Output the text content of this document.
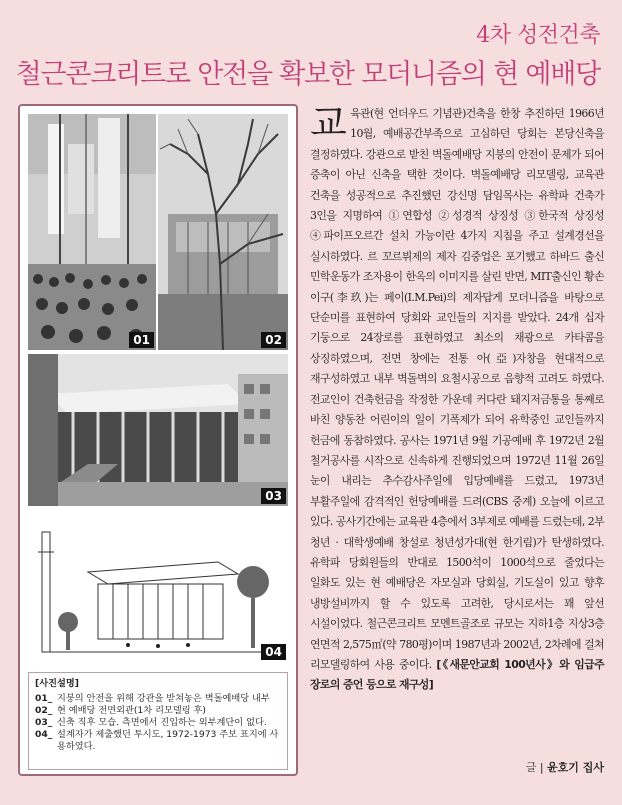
4차 성전건축
철근콘크리트로 안전을 확보한 모더니즘의 현 예배당
01	02
03
04
[사진설명]
01_ 지붕의 안전을 위해 강관을 받쳐놓은 벽돌예배당 내부
02_ 현 예배당 전면외관(1차 리모델링 후)
03_ 신축 직후 모습. 측면에서 진입하는 외부계단이 없다.
04_ 설계자가 제출했던 투시도, 1972-1973 주보 표지에 사용하였다.
교육관(현 언더우드 기념관)건축을 한창 추진하던 1966년 10월, 예배공간부족으로 고심하던 당회는 본당신축을 결정하였다. 강관으로 받친 벽돌예배당 지붕의 안전이 문제가 되어 증축이 아닌 신축을 택한 것이다. 벽돌예배당 리모델링, 교육관 건축을 성공적으로 추진했던 강신명 담임목사는 유학파 건축가 3인을 지명하여 ①연합성 ②성경적 상징성 ③한국적 상징성 ④파이프오르간 설치 가능이란 4가지 지침을 주고 설계경선을 실시하였다. 르 꼬르뷔제의 제자 김중업은 포기했고 하바드 출신 민학운동가 조자용이 한옥의 이미지를 살린 반면, MIT출신인 황손 이구(李玖)는 페이(I.M.Pei)의 제자답게 모더니즘을 바탕으로 단순미를 표현하여 당회와 교인들의 지지를 받았다. 24개 십자 기둥으로 24장로를 표현하였고 최소의 채광으로 카타콤을 상징하였으며, 전면 창에는 전통 아(亞)자창을 현대적으로 재구성하였고 내부 벽돌벽의 요철시공으로 음향적 고려도 하였다. 전교인이 건축헌금을 작정한 가운데 커다란 돼지저금통을 통째로 바친 양동찬 어린이의 일이 기폭제가 되어 유학중인 교인들까지 헌금에 동참하였다. 공사는 1971년 9월 기공예배 후 1972년 2월 철거공사를 시작으로 신속하게 진행되었으며 1972년 11월 26일 눈이 내리는 추수감사주일에 입당예배를 드렸고, 1973년 부활주일에 감격적인 헌당예배를 드려(CBS 중계) 오늘에 이르고 있다. 공사기간에는 교육관 4층에서 3부제로 예배를 드렸는데, 2부 청년 · 대학생예배 창설로 청년성가대(현 한기림)가 탄생하였다. 유학파 당회원들의 반대로 1500석이 1000석으로 줄었다는 일화도 있는 현 예배당은 자모실과 당회실, 기도실이 있고 향후 냉방설비까지 할 수 있도록 고려한, 당시로서는 꽤 앞선 시설이었다. 철근콘크리트 모멘트골조로 규모는 지하1층 지상3층 연면적 2,575㎡(약 780평)이며 1987년과 2002년, 2차례에 걸쳐 리모델링하여 사용 중이다. [《새문안교회 100년사》와 임급주 장로의 증언 등으로 재구성]
글 | 윤호기 집사
